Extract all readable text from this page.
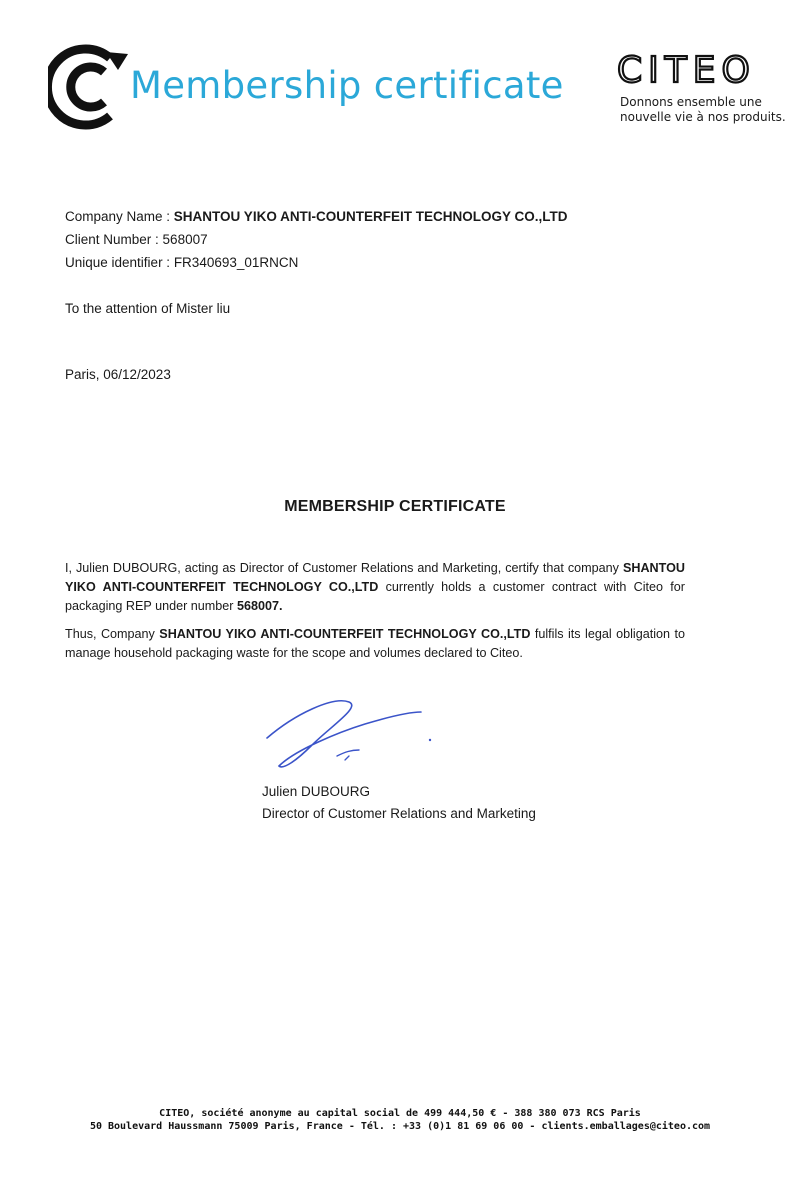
Membership certificate CITEO
Donnons ensemble une
nouvelle vie à nos produits.
Company Name : SHANTOU YIKO ANTI-COUNTERFEIT TECHNOLOGY CO.,LTD
Client Number : 568007
Unique identifier : FR340693_01RNCN
To the attention of Mister liu
Paris, 06/12/2023
MEMBERSHIP CERTIFICATE
I, Julien DUBOURG, acting as Director of Customer Relations and Marketing, certify that company SHANTOU YIKO ANTI-COUNTERFEIT TECHNOLOGY CO.,LTD currently holds a customer contract with Citeo for packaging REP under number 568007.
Thus, Company SHANTOU YIKO ANTI-COUNTERFEIT TECHNOLOGY CO.,LTD fulfils its legal obligation to manage household packaging waste for the scope and volumes declared to Citeo.
Julien DUBOURG
Director of Customer Relations and Marketing
CITEO, société anonyme au capital social de 499 444,50 € - 388 380 073 RCS Paris
50 Boulevard Haussmann 75009 Paris, France - Tél. : +33 (0)1 81 69 06 00 - clients.emballages@citeo.com
